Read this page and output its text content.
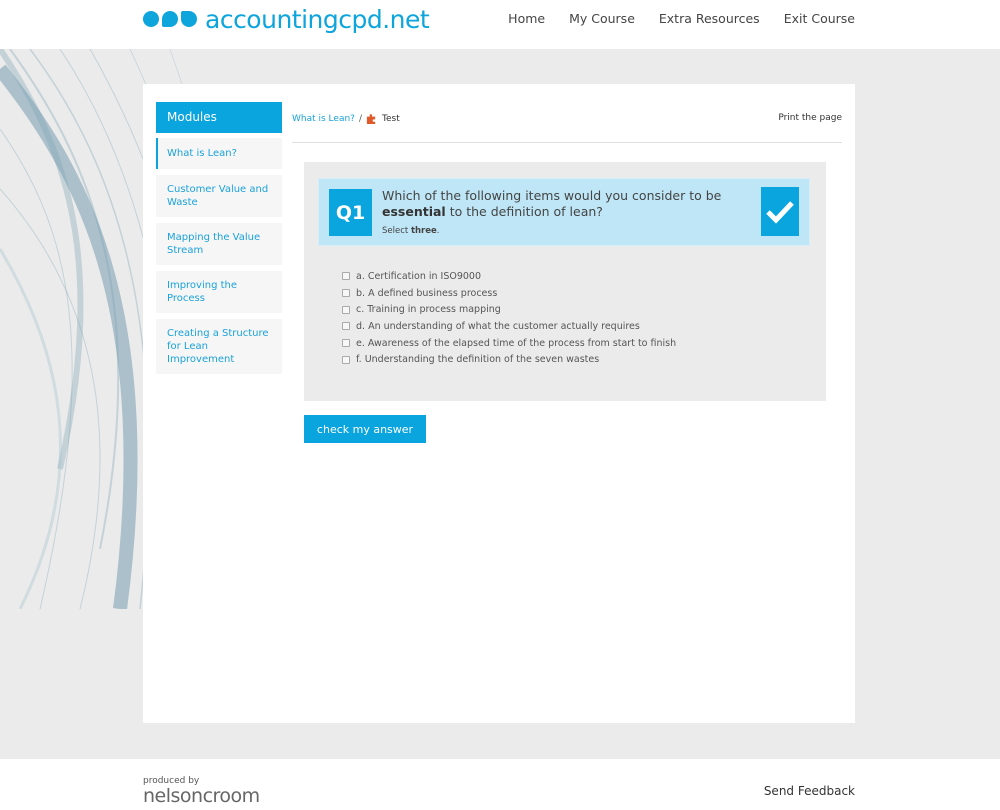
accountingcpd.net	Home My Course Extra Resources Exit Course
Modules
What is Lean?
Customer Value and Waste
Mapping the Value Stream
Improving the Process
Creating a Structure for Lean Improvement
What is Lean? / Test	Print the page
Q1
Which of the following items would you consider to be essential to the definition of lean?
Select three.
a. Certification in ISO9000
b. A defined business process
c. Training in process mapping
d. An understanding of what the customer actually requires
e. Awareness of the elapsed time of the process from start to finish
f. Understanding the definition of the seven wastes
check my answer
produced by
nelsoncroom	Send Feedback
